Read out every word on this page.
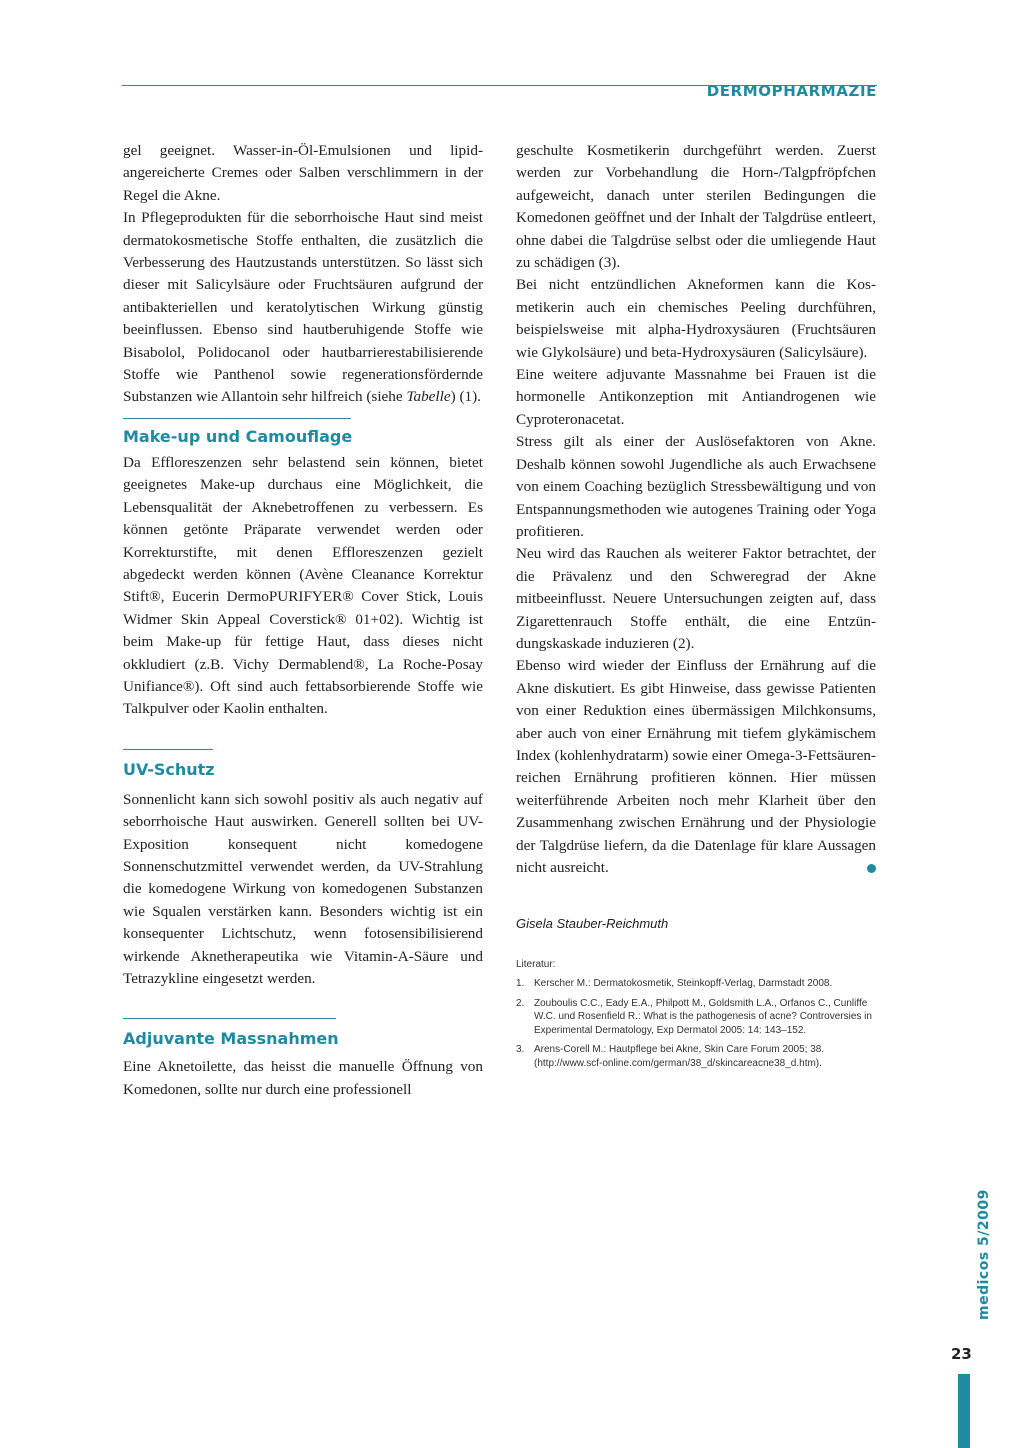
DERMOPHARMAZIE

gel geeignet. Wasser-in-Öl-Emulsionen und lipidangereicherte Cremes oder Salben verschlimmern in der Regel die Akne.

In Pflegeprodukten für die seborrhoische Haut sind meist dermatokosmetische Stoffe enthalten, die zusätzlich die Verbesserung des Hautzustands unterstützen. So lässt sich dieser mit Salicylsäure oder Fruchtsäuren aufgrund der antibakteriellen und keratolytischen Wirkung günstig beeinflussen. Ebenso sind hautberuhigende Stoffe wie Bisabolol, Polidocanol oder hautbarrierestabilisierende Stoffe wie Panthenol sowie regenerationsfördernde Substanzen wie Allantoin sehr hilfreich (siehe Tabelle) (1).

Make-up und Camouflage

Da Effloreszenzen sehr belastend sein können, bietet geeignetes Make-up durchaus eine Möglichkeit, die Lebensqualität der Aknebetroffenen zu verbessern. Es können getönte Präparate verwendet werden oder Korrekturstifte, mit denen Effloreszenzen gezielt abgedeckt werden können (Avène Cleanance Korrektur Stift®, Eucerin DermoPURIFYER® Cover Stick, Louis Widmer Skin Appeal Coverstick® 01+02). Wichtig ist beim Make-up für fettige Haut, dass dieses nicht okkludiert (z.B. Vichy Dermablend®, La Roche-Posay Unifiance®). Oft sind auch fettabsorbierende Stoffe wie Talkpulver oder Kaolin enthalten.

UV-Schutz

Sonnenlicht kann sich sowohl positiv als auch negativ auf seborrhoische Haut auswirken. Generell sollten bei UV-Exposition konsequent nicht komedogene Sonnenschutzmittel verwendet werden, da UV-Strahlung die komedogene Wirkung von komedogenen Substanzen wie Squalen verstärken kann. Besonders wichtig ist ein konsequenter Lichtschutz, wenn fotosensibilisierend wirkende Aknetherapeutika wie Vitamin-A-Säure und Tetrazykline eingesetzt werden.

Adjuvante Massnahmen

Eine Aknetoilette, das heisst die manuelle Öffnung von Komedonen, sollte nur durch eine professionell

geschulte Kosmetikerin durchgeführt werden. Zuerst werden zur Vorbehandlung die Horn-/Talgpfröpfchen aufgeweicht, danach unter sterilen Bedingungen die Komedonen geöffnet und der Inhalt der Talgdrüse entleert, ohne dabei die Talgdrüse selbst oder die umliegende Haut zu schädigen (3).

Bei nicht entzündlichen Akneformen kann die Kosmetikerin auch ein chemisches Peeling durchführen, beispielsweise mit alpha-Hydroxysäuren (Fruchtsäuren wie Glykolsäure) und beta-Hydroxysäuren (Salicylsäure).

Eine weitere adjuvante Massnahme bei Frauen ist die hormonelle Antikonzeption mit Antiandrogenen wie Cyproteronacetat.

Stress gilt als einer der Auslösefaktoren von Akne. Deshalb können sowohl Jugendliche als auch Erwachsene von einem Coaching bezüglich Stressbewältigung und von Entspannungsmethoden wie autogenes Training oder Yoga profitieren.

Neu wird das Rauchen als weiterer Faktor betrachtet, der die Prävalenz und den Schweregrad der Akne mitbeeinflusst. Neuere Untersuchungen zeigten auf, dass Zigarettenrauch Stoffe enthält, die eine Entzündungskaskade induzieren (2).

Ebenso wird wieder der Einfluss der Ernährung auf die Akne diskutiert. Es gibt Hinweise, dass gewisse Patienten von einer Reduktion eines übermässigen Milchkonsums, aber auch von einer Ernährung mit tiefem glykämischem Index (kohlenhydratarm) sowie einer Omega-3-Fettsäuren-reichen Ernährung profitieren können. Hier müssen weiterführende Arbeiten noch mehr Klarheit über den Zusammenhang zwischen Ernährung und der Physiologie der Talgdrüse liefern, da die Datenlage für klare Aussagen nicht ausreicht.

Gisela Stauber-Reichmuth
Literatur:
1. Kerscher M.: Dermatokosmetik, Steinkopff-Verlag, Darmstadt 2008.
2. Zouboulis C.C., Eady E.A., Philpott M., Goldsmith L.A., Orfanos C., Cunliffe W.C. und Rosenfield R.: What is the pathogenesis of acne? Controversies in Experimental Dermatology, Exp Dermatol 2005: 14: 143–152.
3. Arens-Corell M.: Hautpflege bei Akne, Skin Care Forum 2005; 38. (http://www.scf-online.com/german/38_d/skincareacne38_d.htm).
medicos 5/2009
23
